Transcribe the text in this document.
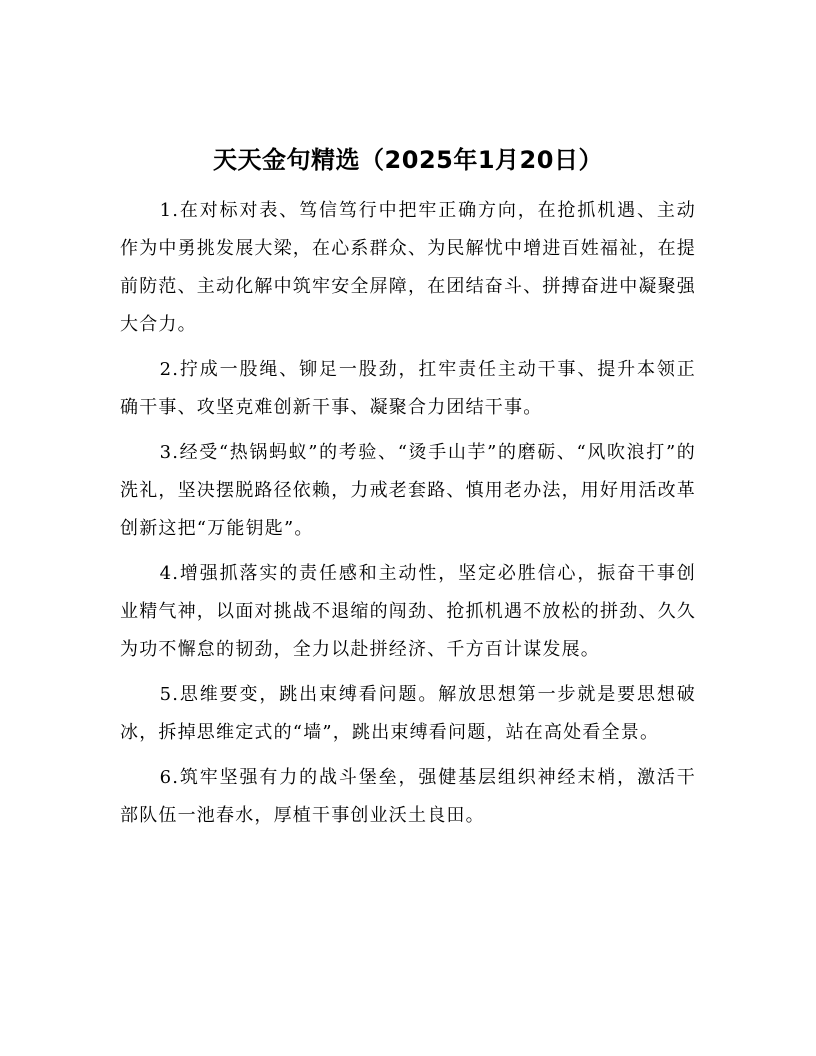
天天金句精选（2025年1月20日）

1.在对标对表、笃信笃行中把牢正确方向，在抢抓机遇、主动作为中勇挑发展大梁，在心系群众、为民解忧中增进百姓福祉，在提前防范、主动化解中筑牢安全屏障，在团结奋斗、拼搏奋进中凝聚强大合力。

2.拧成一股绳、铆足一股劲，扛牢责任主动干事、提升本领正确干事、攻坚克难创新干事、凝聚合力团结干事。

3.经受“热锅蚂蚁”的考验、“烫手山芋”的磨砺、“风吹浪打”的洗礼，坚决摆脱路径依赖，力戒老套路、慎用老办法，用好用活改革创新这把“万能钥匙”。

4.增强抓落实的责任感和主动性，坚定必胜信心，振奋干事创业精气神，以面对挑战不退缩的闯劲、抢抓机遇不放松的拼劲、久久为功不懈怠的韧劲，全力以赴拼经济、千方百计谋发展。

5.思维要变，跳出束缚看问题。解放思想第一步就是要思想破冰，拆掉思维定式的“墙”，跳出束缚看问题，站在高处看全景。

6.筑牢坚强有力的战斗堡垒，强健基层组织神经末梢，激活干部队伍一池春水，厚植干事创业沃土良田。
